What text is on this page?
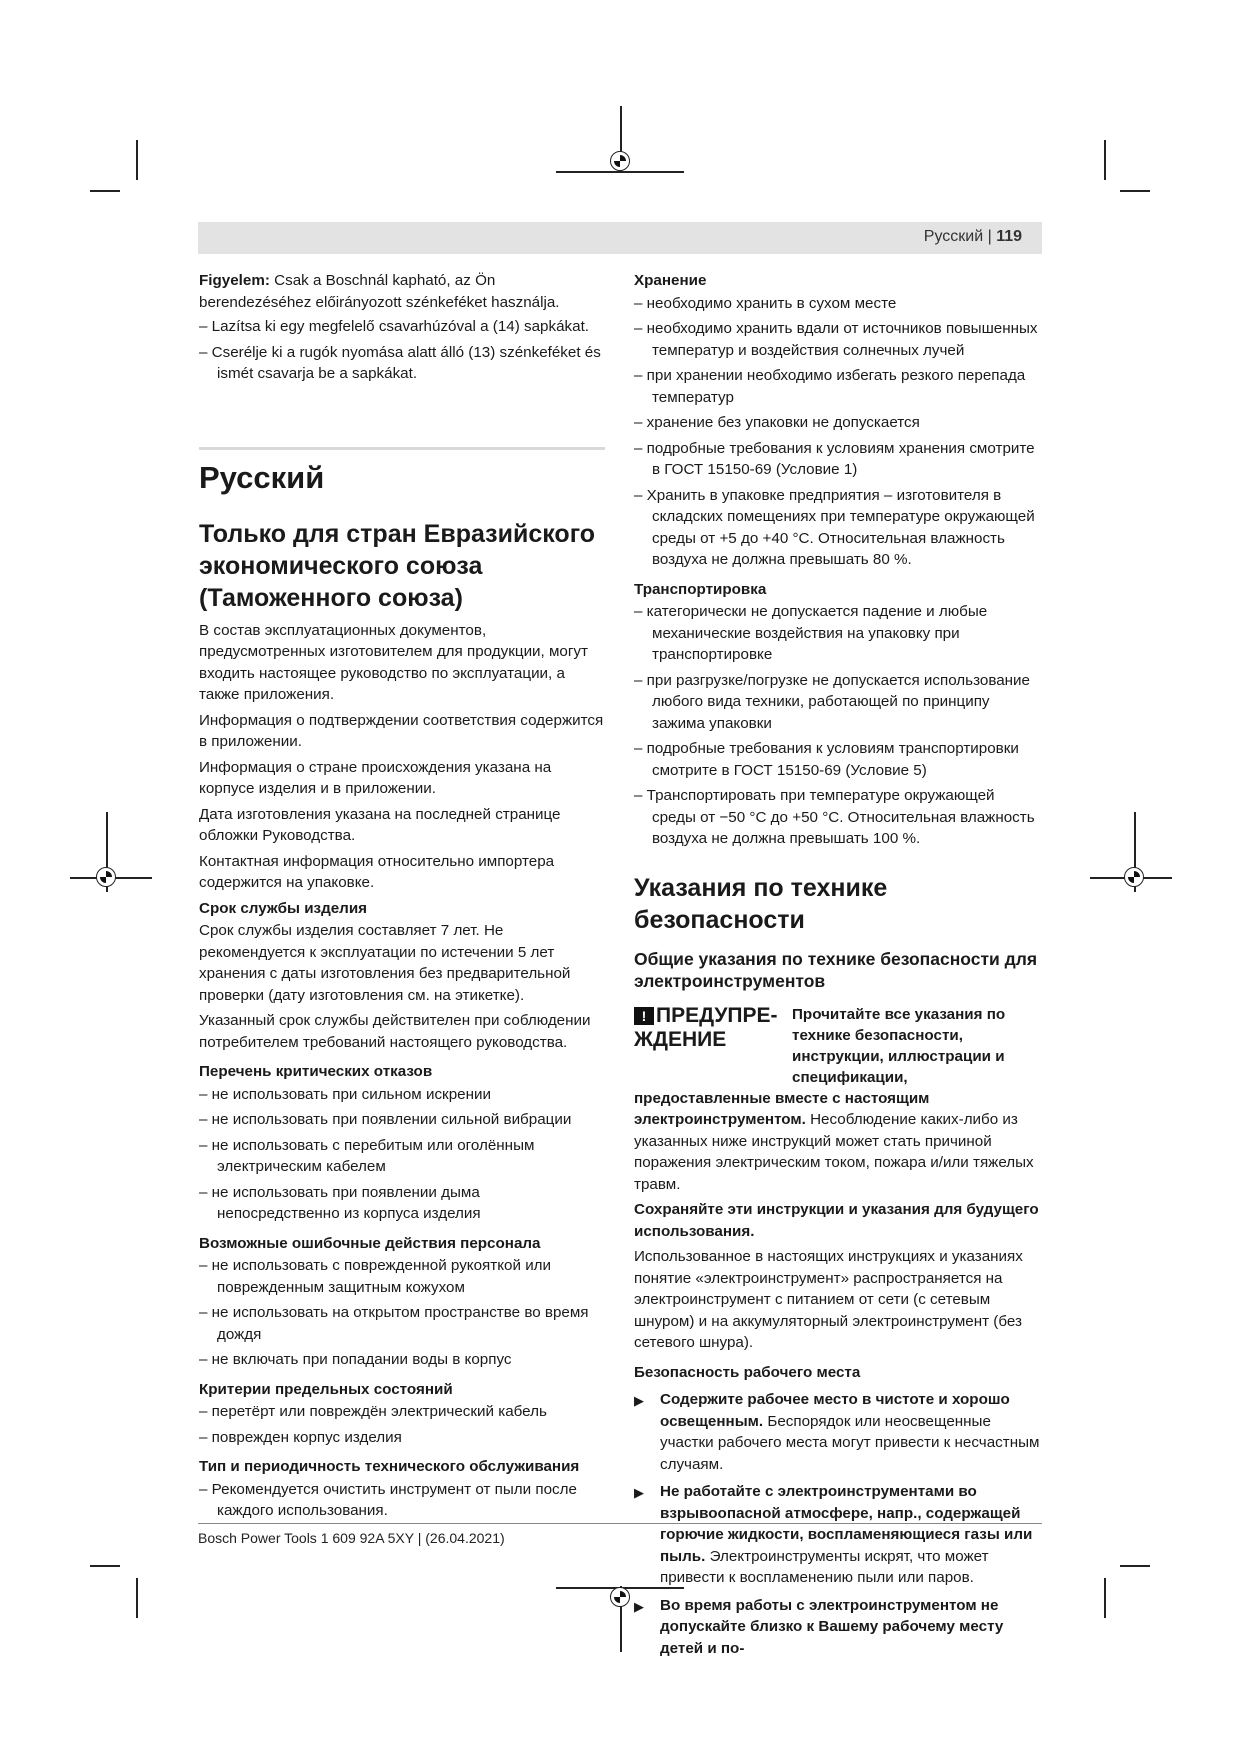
Русский | 119

Figyelem: Csak a Boschnál kapható, az Ön berendezéséhez előirányozott szénkeféket használja.

– Lazítsa ki egy megfelelő csavarhúzóval a (14) sapkákat.

– Cserélje ki a rugók nyomása alatt álló (13) szénkeféket és ismét csavarja be a sapkákat.

Русский
Только для стран Евразийского экономического союза (Таможенного союза)

В состав эксплуатационных документов, предусмотренных изготовителем для продукции, могут входить настоящее руководство по эксплуатации, а также приложения.

Информация о подтверждении соответствия содержится в приложении.

Информация о стране происхождения указана на корпусе изделия и в приложении.

Дата изготовления указана на последней странице обложки Руководства.

Контактная информация относительно импортера содержится на упаковке.

Срок службы изделия

Срок службы изделия составляет 7 лет. Не рекомендуется к эксплуатации по истечении 5 лет хранения с даты изготовления без предварительной проверки (дату изготовления см. на этикетке).

Указанный срок службы действителен при соблюдении потребителем требований настоящего руководства.

Перечень критических отказов

– не использовать при сильном искрении

– не использовать при появлении сильной вибрации

– не использовать с перебитым или оголённым электрическим кабелем

– не использовать при появлении дыма непосредственно из корпуса изделия

Возможные ошибочные действия персонала

– не использовать с поврежденной рукояткой или поврежденным защитным кожухом

– не использовать на открытом пространстве во время дождя

– не включать при попадании воды в корпус

Критерии предельных состояний

– перетёрт или повреждён электрический кабель

– поврежден корпус изделия

Тип и периодичность технического обслуживания

– Рекомендуется очистить инструмент от пыли после каждого использования.

Хранение

– необходимо хранить в сухом месте

– необходимо хранить вдали от источников повышенных температур и воздействия солнечных лучей

– при хранении необходимо избегать резкого перепада температур

– хранение без упаковки не допускается

– подробные требования к условиям хранения смотрите в ГОСТ 15150-69 (Условие 1)

– Хранить в упаковке предприятия – изготовителя в складских помещениях при температуре окружающей среды от +5 до +40 °C. Относительная влажность воздуха не должна превышать 80 %.

Транспортировка

– категорически не допускается падение и любые механические воздействия на упаковку при транспортировке

– при разгрузке/погрузке не допускается использование любого вида техники, работающей по принципу зажима упаковки

– подробные требования к условиям транспортировки смотрите в ГОСТ 15150-69 (Условие 5)

– Транспортировать при температуре окружающей среды от −50 °C до +50 °C. Относительная влажность воздуха не должна превышать 100 %.

Указания по технике безопасности
Общие указания по технике безопасности для электроинструментов
! ПРЕДУПРЕ-
ЖДЕНИЕ
Прочитайте все указания по технике безопасности, инструкции, иллюстрации и спецификации,

предоставленные вместе с настоящим электроинструментом. Несоблюдение каких-либо из указанных ниже инструкций может стать причиной поражения электрическим током, пожара и/или тяжелых травм.

Сохраняйте эти инструкции и указания для будущего использования.

Использованное в настоящих инструкциях и указаниях понятие «электроинструмент» распространяется на электроинструмент с питанием от сети (с сетевым шнуром) и на аккумуляторный электроинструмент (без сетевого шнура).

Безопасность рабочего места
▶	Содержите рабочее место в чистоте и хорошо освещенным. Беспорядок или неосвещенные участки рабочего места могут привести к несчастным случаям.
▶	Не работайте с электроинструментами во взрывоопасной атмосфере, напр., содержащей горючие жидкости, воспламеняющиеся газы или пыль. Электроинструменты искрят, что может привести к воспламенению пыли или паров.
▶	Во время работы с электроинструментом не допускайте близко к Вашему рабочему месту детей и по-
Bosch Power Tools 1 609 92A 5XY | (26.04.2021)
